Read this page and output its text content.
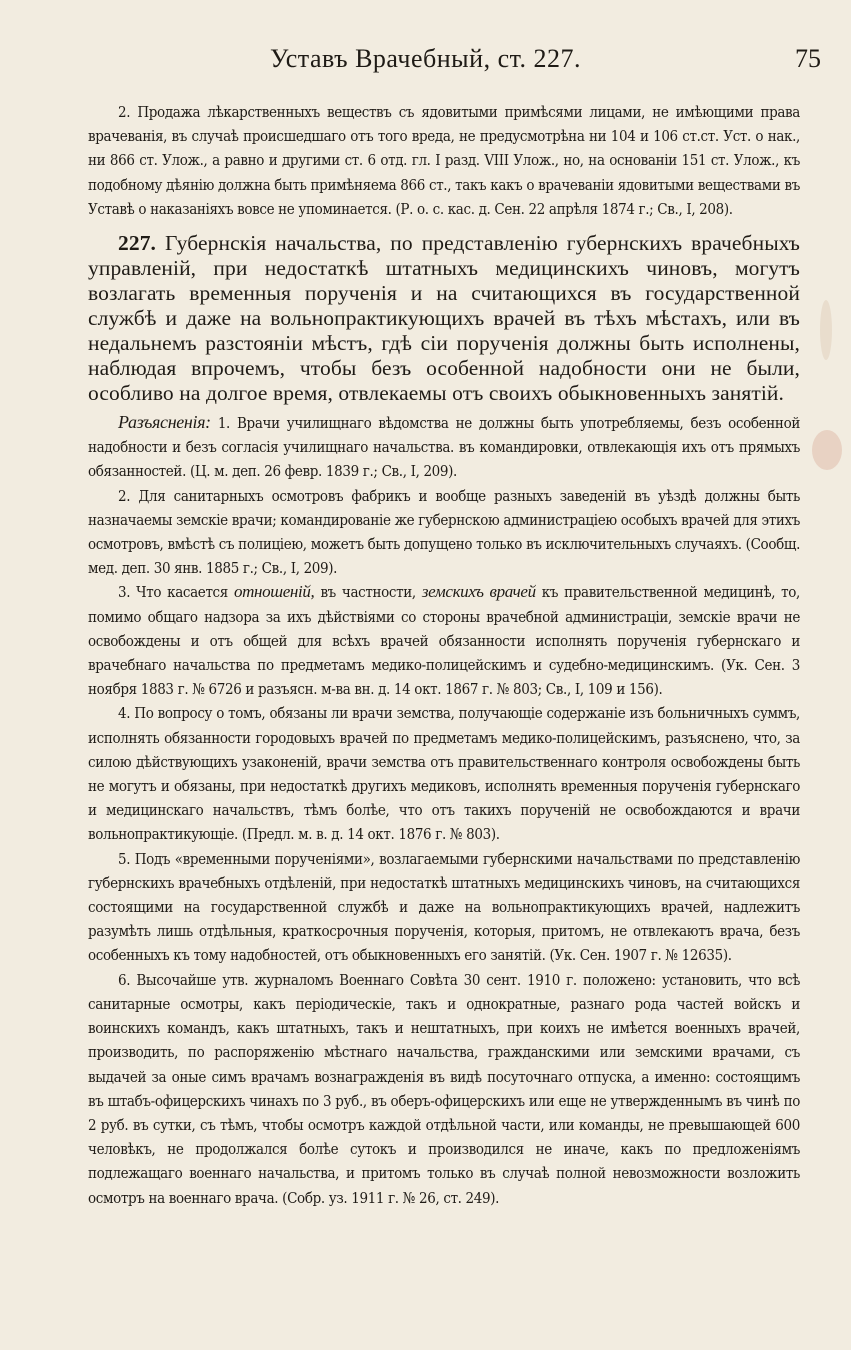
Уставъ Врачебный, ст. 227.	75

2. Продажа лѣкарственныхъ веществъ съ ядовитыми примѣсями лицами, не имѣющими права врачеванія, въ случаѣ происшедшаго отъ того вреда, не предусмотрѣна ни 104 и 106 ст.ст. Уст. о нак., ни 866 ст. Улож., а равно и другими ст. 6 отд. гл. I разд. VIII Улож., но, на основаніи 151 ст. Улож., къ подобному дѣянію должна быть примѣняема 866 ст., такъ какъ о врачеваніи ядовитыми веществами въ Уставѣ о наказаніяхъ вовсе не упоминается. (Р. о. с. кас. д. Сен. 22 апрѣля 1874 г.; Св., I, 208).

227. Губернскія начальства, по представленію губернскихъ врачебныхъ управленій, при недостаткѣ штатныхъ медицинскихъ чиновъ, могутъ возлагать временныя порученія и на считающихся въ государственной службѣ и даже на вольнопрактикующихъ врачей въ тѣхъ мѣстахъ, или въ недальнемъ разстояніи мѣстъ, гдѣ сіи порученія должны быть исполнены, наблюдая впрочемъ, чтобы безъ особенной надобности они не были, особливо на долгое время, отвлекаемы отъ своихъ обыкновенныхъ занятій.

Разъясненія: 1. Врачи училищнаго вѣдомства не должны быть употребляемы, безъ особенной надобности и безъ согласія училищнаго начальства. въ командировки, отвлекающія ихъ отъ прямыхъ обязанностей. (Ц. м. деп. 26 февр. 1839 г.; Св., I, 209).

2. Для санитарныхъ осмотровъ фабрикъ и вообще разныхъ заведеній въ уѣздѣ должны быть назначаемы земскіе врачи; командированіе же губернскою администраціею особыхъ врачей для этихъ осмотровъ, вмѣстѣ съ полиціею, можетъ быть допущено только въ исключительныхъ случаяхъ. (Сообщ. мед. деп. 30 янв. 1885 г.; Св., I, 209).

3. Что касается отношеній, въ частности, земскихъ врачей къ правительственной медицинѣ, то, помимо общаго надзора за ихъ дѣйствіями со стороны врачебной администраціи, земскіе врачи не освобождены и отъ общей для всѣхъ врачей обязанности исполнять порученія губернскаго и врачебнаго начальства по предметамъ медико-полицейскимъ и судебно-медицинскимъ. (Ук. Сен. 3 ноября 1883 г. № 6726 и разъясн. м-ва вн. д. 14 окт. 1867 г. № 803; Св., I, 109 и 156).

4. По вопросу о томъ, обязаны ли врачи земства, получающіе содержаніе изъ больничныхъ суммъ, исполнять обязанности городовыхъ врачей по предметамъ медико-полицейскимъ, разъяснено, что, за силою дѣйствующихъ узаконеній, врачи земства отъ правительственнаго контроля освобождены быть не могутъ и обязаны, при недостаткѣ другихъ медиковъ, исполнять временныя порученія губернскаго и медицинскаго начальствъ, тѣмъ болѣе, что отъ такихъ порученій не освобождаются и врачи вольнопрактикующіе. (Предл. м. в. д. 14 окт. 1876 г. № 803).

5. Подъ «временными порученіями», возлагаемыми губернскими начальствами по представленію губернскихъ врачебныхъ отдѣленій, при недостаткѣ штатныхъ медицинскихъ чиновъ, на считающихся состоящими на государственной службѣ и даже на вольнопрактикующихъ врачей, надлежитъ разумѣть лишь отдѣльныя, краткосрочныя порученія, которыя, притомъ, не отвлекаютъ врача, безъ особенныхъ къ тому надобностей, отъ обыкновенныхъ его занятій. (Ук. Сен. 1907 г. № 12635).

6. Высочайше утв. журналомъ Военнаго Совѣта 30 сент. 1910 г. положено: установить, что всѣ санитарные осмотры, какъ періодическіе, такъ и однократные, разнаго рода частей войскъ и воинскихъ командъ, какъ штатныхъ, такъ и нештатныхъ, при коихъ не имѣется военныхъ врачей, производить, по распоряженію мѣстнаго начальства, гражданскими или земскими врачами, съ выдачей за оные симъ врачамъ вознагражденія въ видѣ посуточнаго отпуска, а именно: состоящимъ въ штабъ-офицерскихъ чинахъ по 3 руб., въ оберъ-офицерскихъ или еще не утвержденнымъ въ чинѣ по 2 руб. въ сутки, съ тѣмъ, чтобы осмотръ каждой отдѣльной части, или команды, не превышающей 600 человѣкъ, не продолжался болѣе сутокъ и производился не иначе, какъ по предложеніямъ подлежащаго военнаго начальства, и притомъ только въ случаѣ полной невозможности возложить осмотръ на военнаго врача. (Собр. уз. 1911 г. № 26, ст. 249).
